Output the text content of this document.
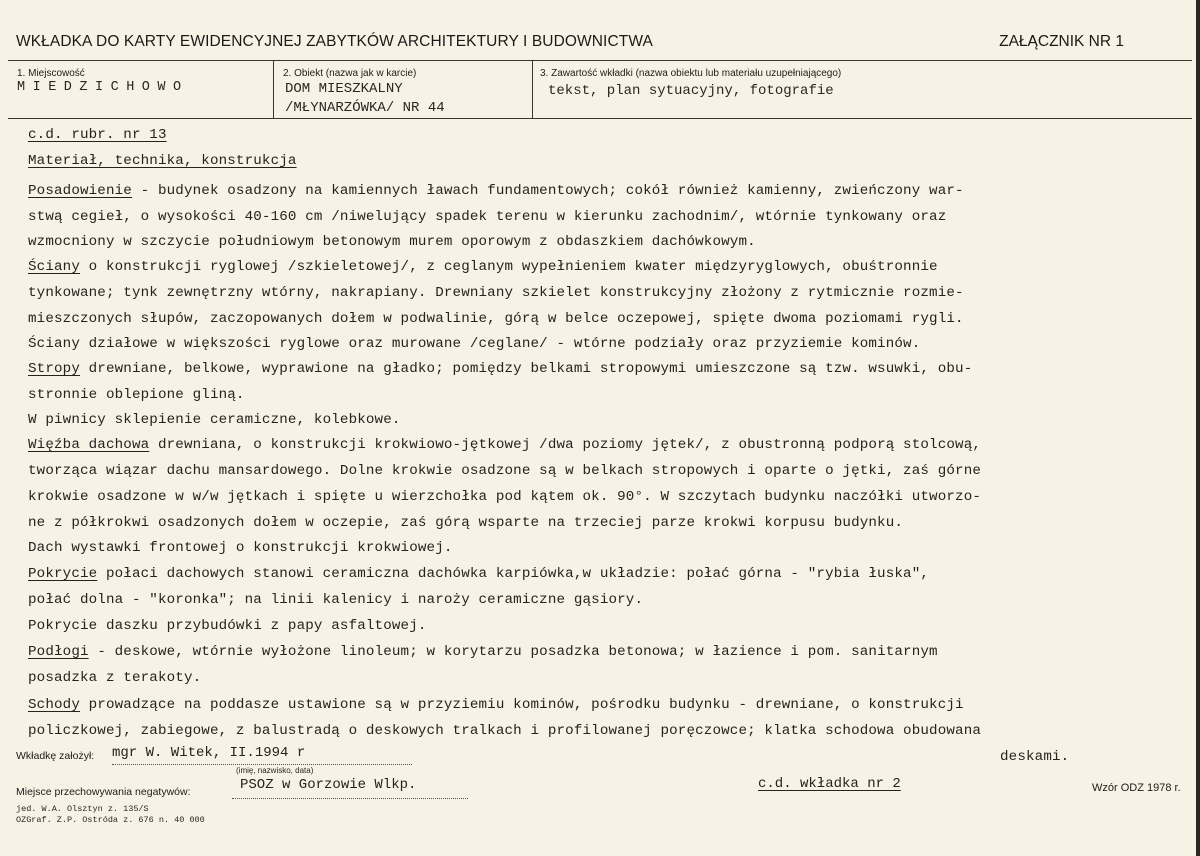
WKŁADKA DO KARTY EWIDENCYJNEJ ZABYTKÓW ARCHITEKTURY I BUDOWNICTWA	ZAŁĄCZNIK NR 1
1. Miejscowość
MIEDZICHOWO
2. Obiekt (nazwa jak w karcie)
DOM MIESZKALNY
/MŁYNARZÓWKA/ NR 44
3. Zawartość wkładki (nazwa obiektu lub materiału uzupełniającego)
tekst, plan sytuacyjny, fotografie
c.d. rubr. nr 13
Materiał, technika, konstrukcja
Posadowienie - budynek osadzony na kamiennych ławach fundamentowych; cokół również kamienny, zwieńczony war-
stwą cegieł, o wysokości 40-160 cm /niwelujący spadek terenu w kierunku zachodnim/, wtórnie tynkowany oraz
wzmocniony w szczycie południowym betonowym murem oporowym z obdaszkiem dachówkowym.
Ściany o konstrukcji ryglowej /szkieletowej/, z ceglanym wypełnieniem kwater międzyryglowych, obuśtronnie
tynkowane; tynk zewnętrzny wtórny, nakrapiany. Drewniany szkielet konstrukcyjny złożony z rytmicznie rozmie-
mieszczonych słupów, zaczopowanych dołem w podwalinie, górą w belce oczepowej, spięte dwoma poziomami rygli.
Ściany działowe w większości ryglowe oraz murowane /ceglane/ - wtórne podziały oraz przyziemie kominów.
Stropy drewniane, belkowe, wyprawione na gładko; pomiędzy belkami stropowymi umieszczone są tzw. wsuwki, obu-
stronnie oblepione gliną.
W piwnicy sklepienie ceramiczne, kolebkowe.
Więźba dachowa drewniana, o konstrukcji krokwiowo-jętkowej /dwa poziomy jętek/, z obustronną podporą stolcową,
tworząca wiązar dachu mansardowego. Dolne krokwie osadzone są w belkach stropowych i oparte o jętki, zaś górne
krokwie osadzone w w/w jętkach i spięte u wierzchołka pod kątem ok. 90°. W szczytach budynku naczółki utworzo-
ne z półkrokwi osadzonych dołem w oczepie, zaś górą wsparte na trzeciej parze krokwi korpusu budynku.
Dach wystawki frontowej o konstrukcji krokwiowej.
Pokrycie połaci dachowych stanowi ceramiczna dachówka karpiówka,w układzie: połać górna - "rybia łuska",
połać dolna - "koronka"; na linii kalenicy i naroży ceramiczne gąsiory.
Pokrycie daszku przybudówki z papy asfaltowej.
Podłogi - deskowe, wtórnie wyłożone linoleum; w korytarzu posadzka betonowa; w łazience i pom. sanitarnym
posadzka z terakoty.
Schody prowadzące na poddasze ustawione są w przyziemiu kominów, pośrodku budynku - drewniane, o konstrukcji
policzkowej, zabiegowe, z balustradą o deskowych tralkach i profilowanej poręczowce; klatka schodowa obudowana
deskami.
Wkładkę założył: mgr W. Witek, II.1994 r
(imię, nazwisko, data)
Miejsce przechowywania negatywów:	PSOZ w Gorzowie Wlkp.	c.d. wkładka nr 2	Wzór ODZ 1978 r.
jed. W.A. Olsztyn z. 135/S
OZGraf. Z.P. Ostróda z. 676 n. 40 000
